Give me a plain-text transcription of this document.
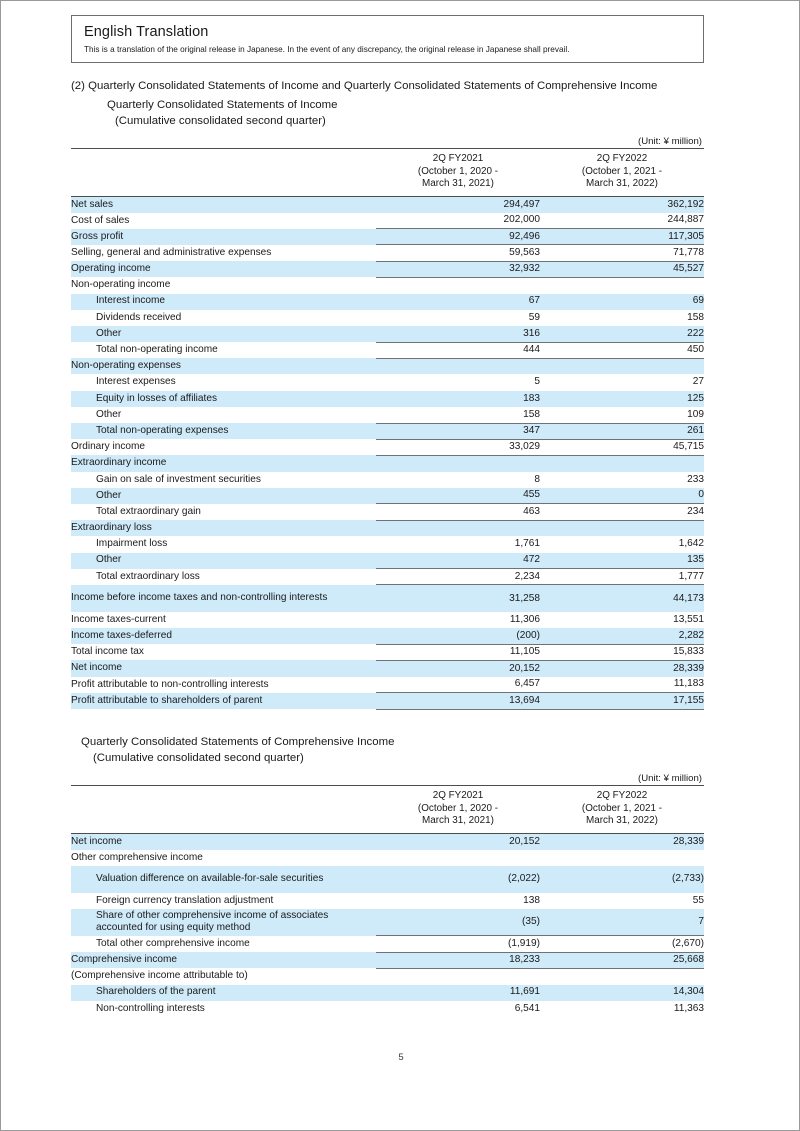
English Translation
This is a translation of the original release in Japanese. In the event of any discrepancy, the original release in Japanese shall prevail.
(2) Quarterly Consolidated Statements of Income and Quarterly Consolidated Statements of Comprehensive Income
Quarterly Consolidated Statements of Income
(Cumulative consolidated second quarter)
(Unit: ¥ million)

2Q FY2021
(October 1, 2020 -
March 31, 2021)

2Q FY2022
(October 1, 2021 -
March 31, 2022)

Net sales	294,497	362,192
Cost of sales	202,000	244,887
Gross profit	92,496	117,305
Selling, general and administrative expenses	59,563	71,778
Operating income	32,932	45,527
Non-operating income		
Interest income	67	69
Dividends received	59	158
Other	316	222
Total non-operating income	444	450
Non-operating expenses		
Interest expenses	5	27
Equity in losses of affiliates	183	125
Other	158	109
Total non-operating expenses	347	261
Ordinary income	33,029	45,715
Extraordinary income		
Gain on sale of investment securities	8	233
Other	455	0
Total extraordinary gain	463	234
Extraordinary loss		
Impairment loss	1,761	1,642
Other	472	135
Total extraordinary loss	2,234	1,777
Income before income taxes and non-controlling interests	31,258	44,173
Income taxes-current	11,306	13,551
Income taxes-deferred	(200)	2,282
Total income tax	11,105	15,833
Net income	20,152	28,339
Profit attributable to non-controlling interests	6,457	11,183
Profit attributable to shareholders of parent	13,694	17,155
Quarterly Consolidated Statements of Comprehensive Income
(Cumulative consolidated second quarter)
(Unit: ¥ million)

2Q FY2021
(October 1, 2020 -
March 31, 2021)

2Q FY2022
(October 1, 2021 -
March 31, 2022)

Net income	20,152	28,339
Other comprehensive income		
Valuation difference on available-for-sale securities	(2,022)	(2,733)
Foreign currency translation adjustment	138	55
Share of other comprehensive income of associates accounted for using equity method	(35)	7
Total other comprehensive income	(1,919)	(2,670)
Comprehensive income	18,233	25,668
(Comprehensive income attributable to)		
Shareholders of the parent	11,691	14,304
Non-controlling interests	6,541	11,363
5
